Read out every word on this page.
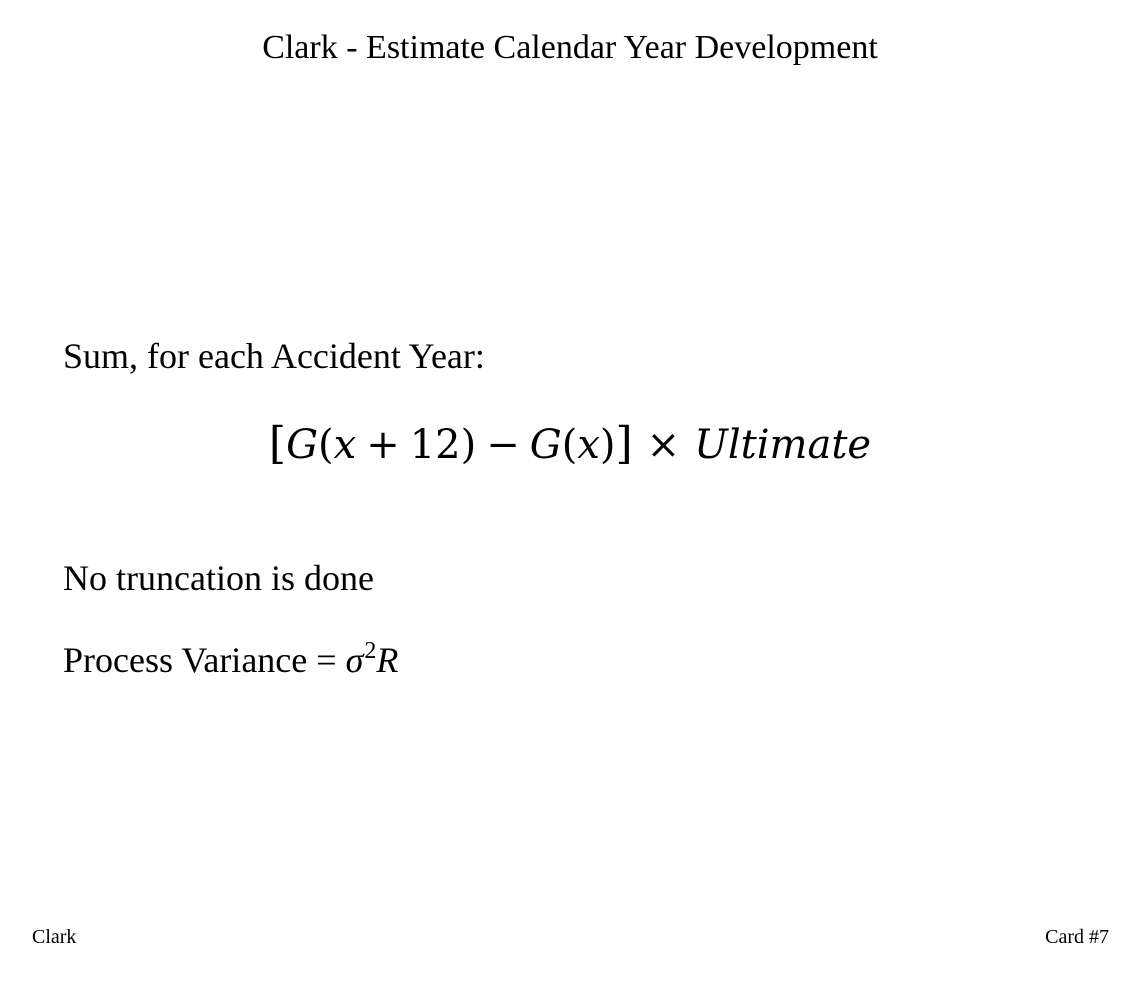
Clark - Estimate Calendar Year Development

Sum, for each Accident Year:

[G(x + 12) − G(x)] × Ultimate

No truncation is done

Process Variance = $\sigma^2R$

Clark	Card #7
